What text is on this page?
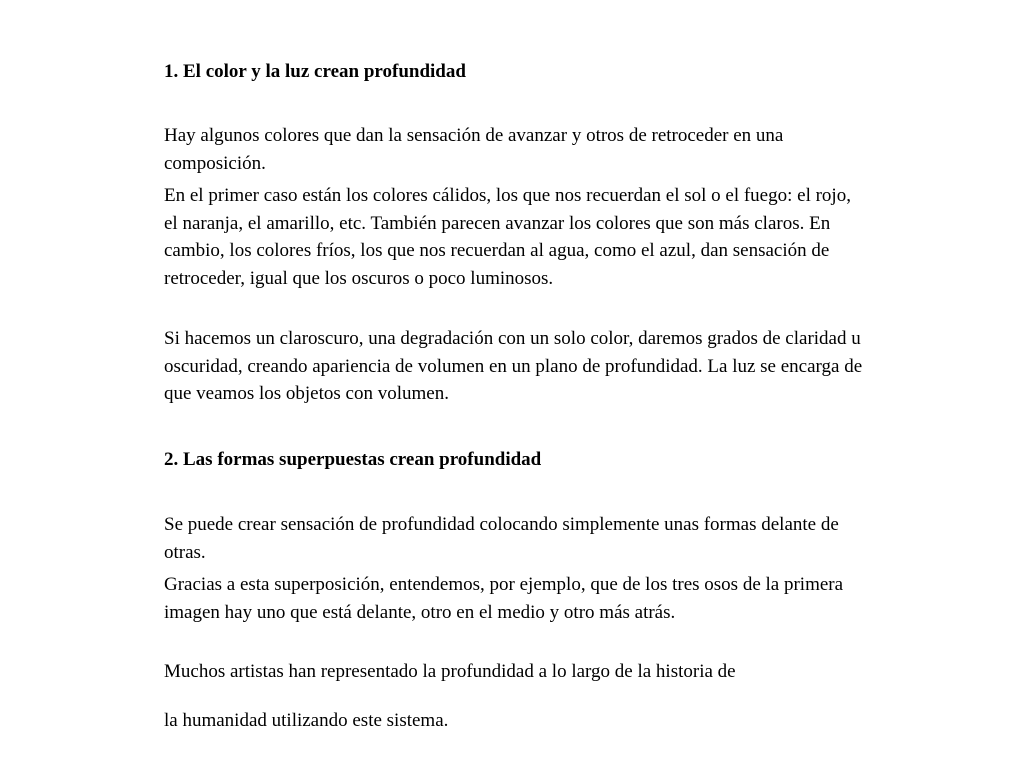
1. El color y la luz crean profundidad

Hay algunos colores que dan la sensación de avanzar y otros de retroceder en una composición.

En el primer caso están los colores cálidos, los que nos recuerdan el sol o el fuego: el rojo, el naranja, el amarillo, etc. También parecen avanzar los colores que son más claros. En cambio, los colores fríos, los que nos recuerdan al agua, como el azul, dan sensación de retroceder, igual que los oscuros o poco luminosos.

Si hacemos un claroscuro, una degradación con un solo color, daremos grados de claridad u oscuridad, creando apariencia de volumen en un plano de profundidad. La luz se encarga de que veamos los objetos con volumen.

2. Las formas superpuestas crean profundidad

Se puede crear sensación de profundidad colocando simplemente unas formas delante de otras.

Gracias a esta superposición, entendemos, por ejemplo, que de los tres osos de la primera imagen hay uno que está delante, otro en el medio y otro más atrás.

Muchos artistas han representado la profundidad a lo largo de la historia de

la humanidad utilizando este sistema.
